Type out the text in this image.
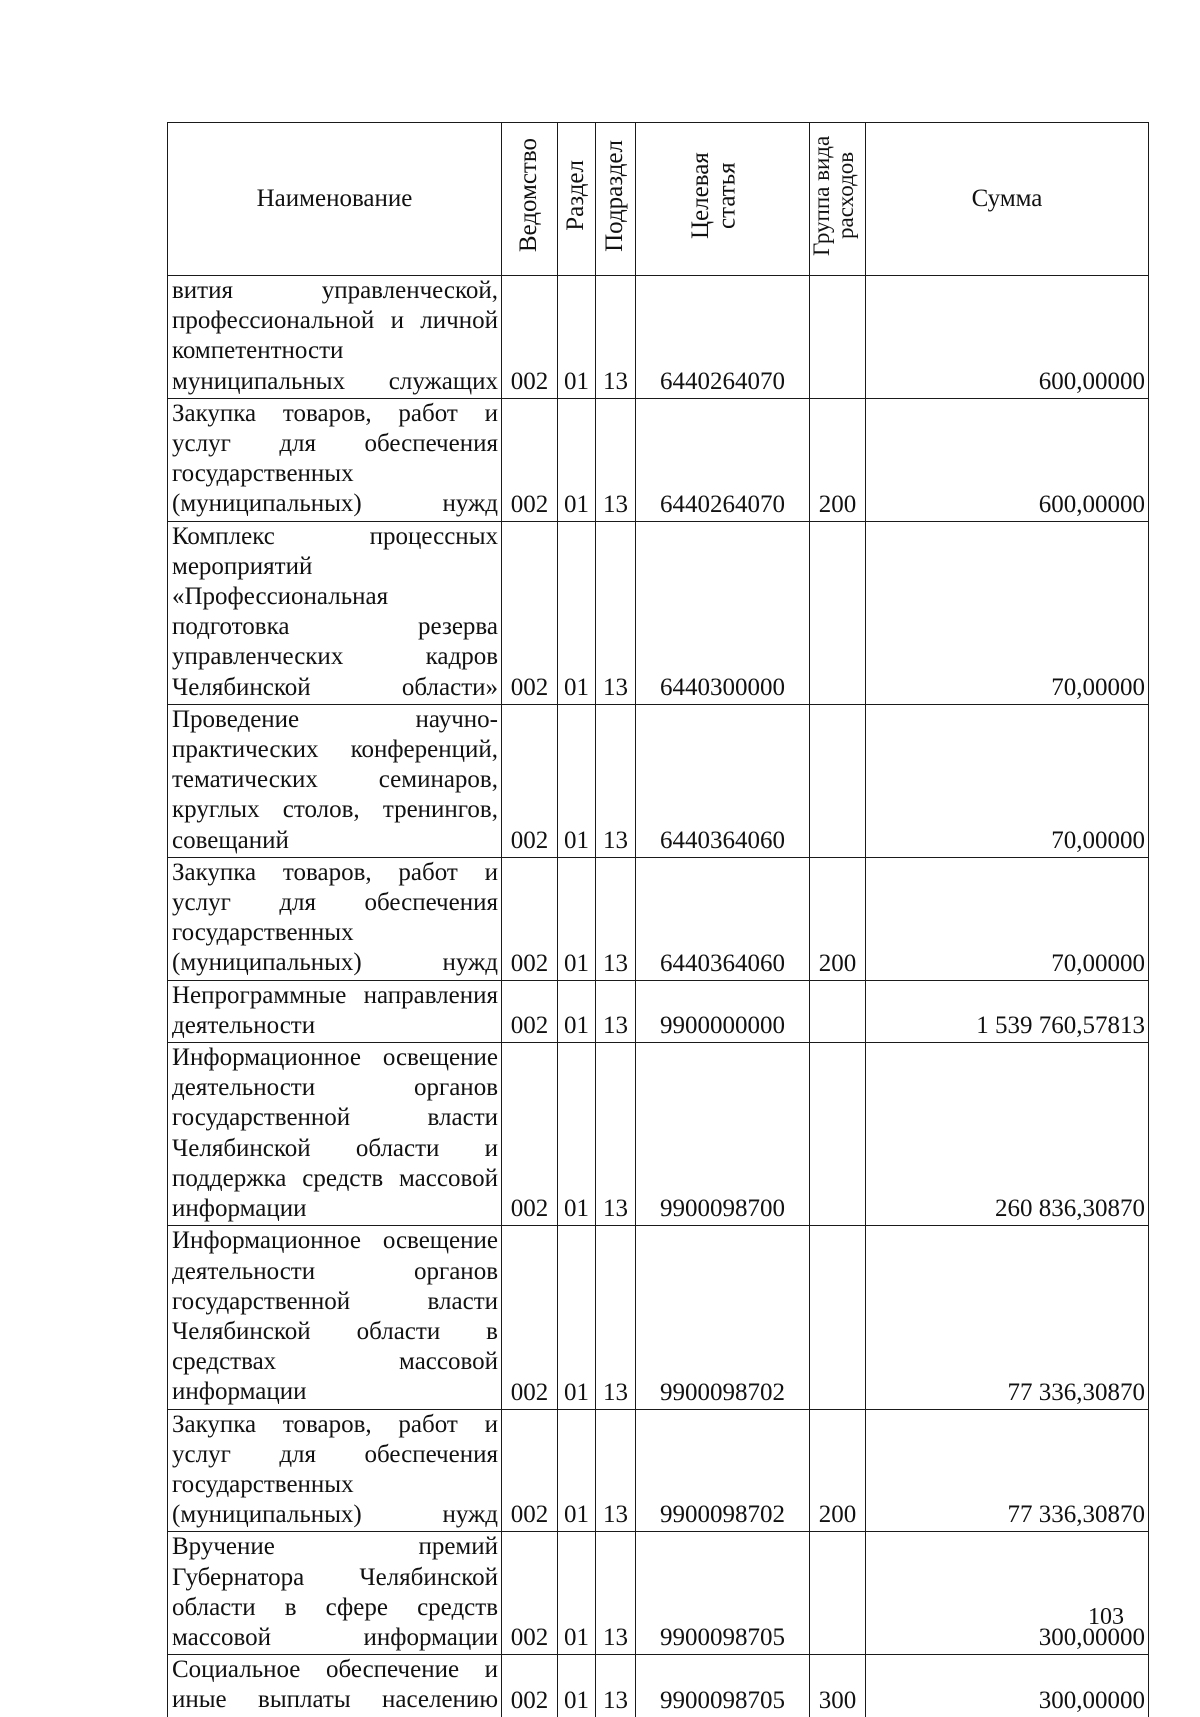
Наименование	Ведомство	Раздел	Подраздел	Целевая статья	Группа вида расходов	Сумма
вития управленческой, профессиональной и личной компетентности муниципальных служащих	002	01	13	6440264070		600,00000
Закупка товаров, работ и услуг для обеспечения государственных (муниципальных) нужд	002	01	13	6440264070	200	600,00000
Комплекс процессных мероприятий «Профессиональная подготовка резерва управленческих кадров Челябинской области»	002	01	13	6440300000		70,00000
Проведение научно-практических конференций, тематических семинаров, круглых столов, тренингов, совещаний	002	01	13	6440364060		70,00000
Закупка товаров, работ и услуг для обеспечения государственных (муниципальных) нужд	002	01	13	6440364060	200	70,00000
Непрограммные направления деятельности	002	01	13	9900000000		1 539 760,57813
Информационное освещение деятельности органов государственной власти Челябинской области и поддержка средств массовой информации	002	01	13	9900098700		260 836,30870
Информационное освещение деятельности органов государственной власти Челябинской области в средствах массовой информации	002	01	13	9900098702		77 336,30870
Закупка товаров, работ и услуг для обеспечения государственных (муниципальных) нужд	002	01	13	9900098702	200	77 336,30870
Вручение премий Губернатора Челябинской области в сфере средств массовой информации	002	01	13	9900098705		300,00000
Социальное обеспечение и иные выплаты населению	002	01	13	9900098705	300	300,00000
103
